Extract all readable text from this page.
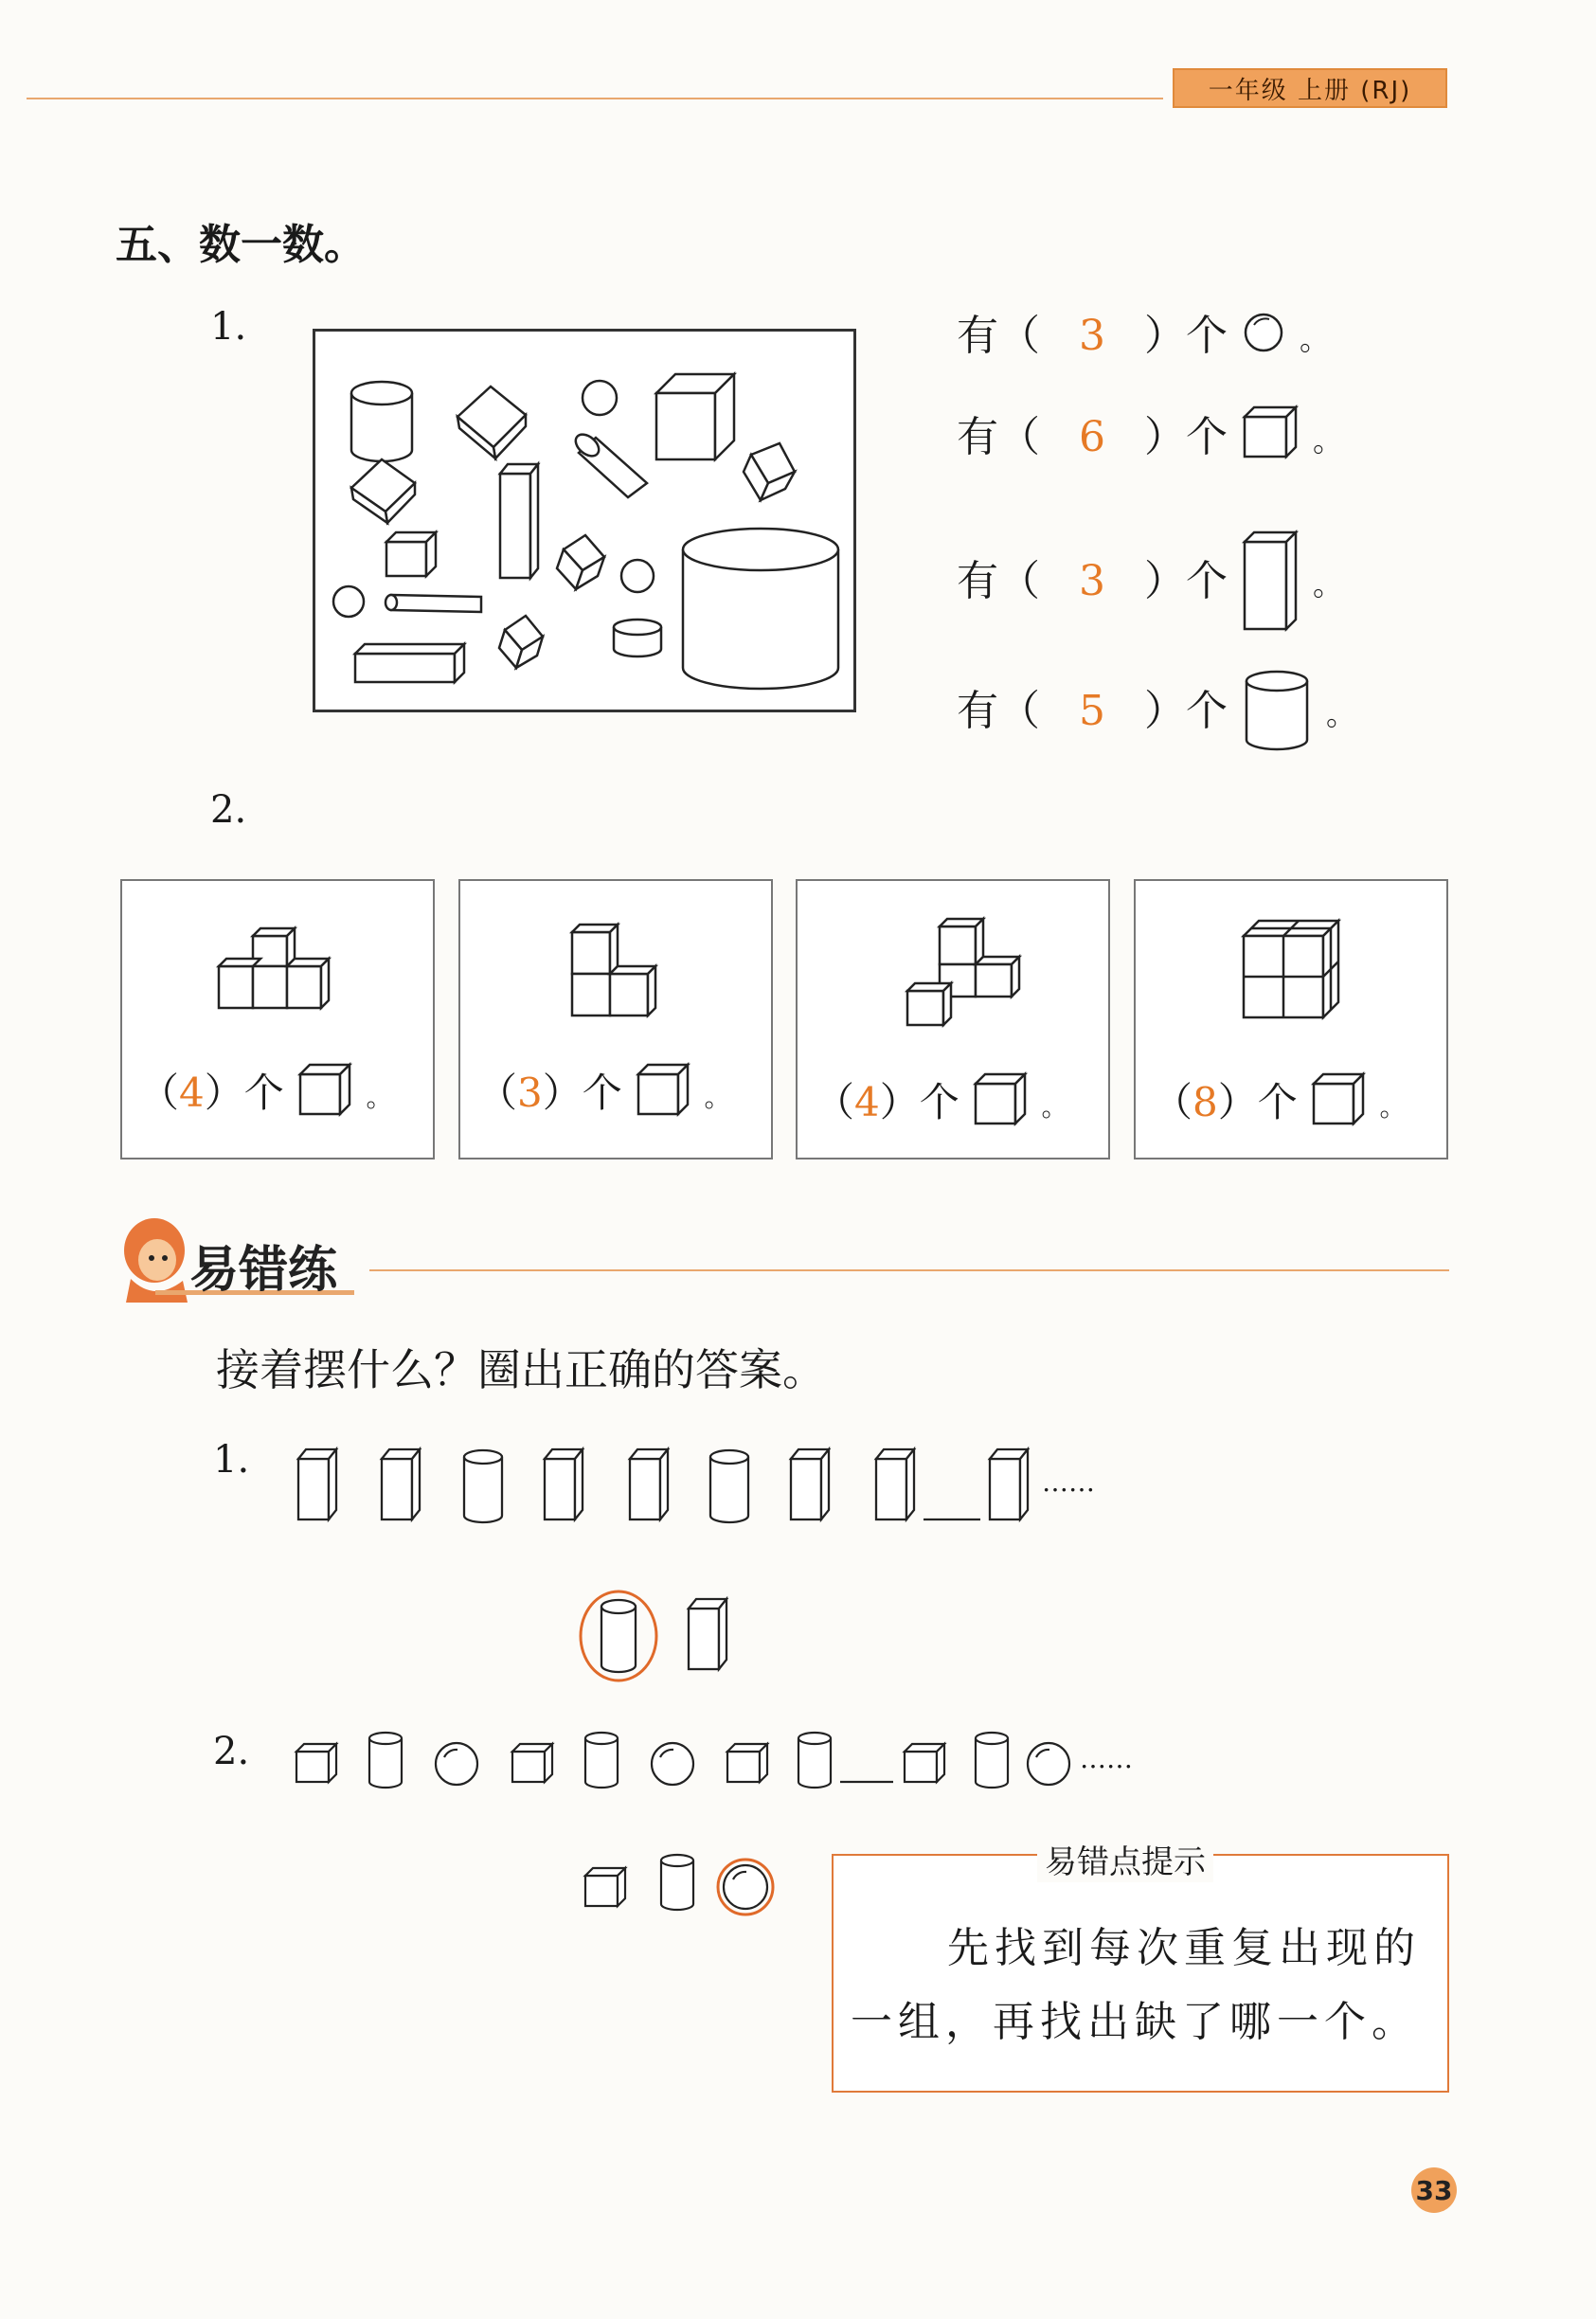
一年级 上册 (RJ)
五、数一数。
1.	有（ 3 ）个 。
有（ 6 ）个	。
有（ 3 ）个	。
有（ 5 ）个	。
2.
（4）个	。 （3）个	。 （4）个	。 （8）个	。
易错练
接着摆什么？圈出正确的答案。
1.
……
2.	……
易错点提示
先找到每次重复出现的
一组，再找出缺了哪一个。
33
